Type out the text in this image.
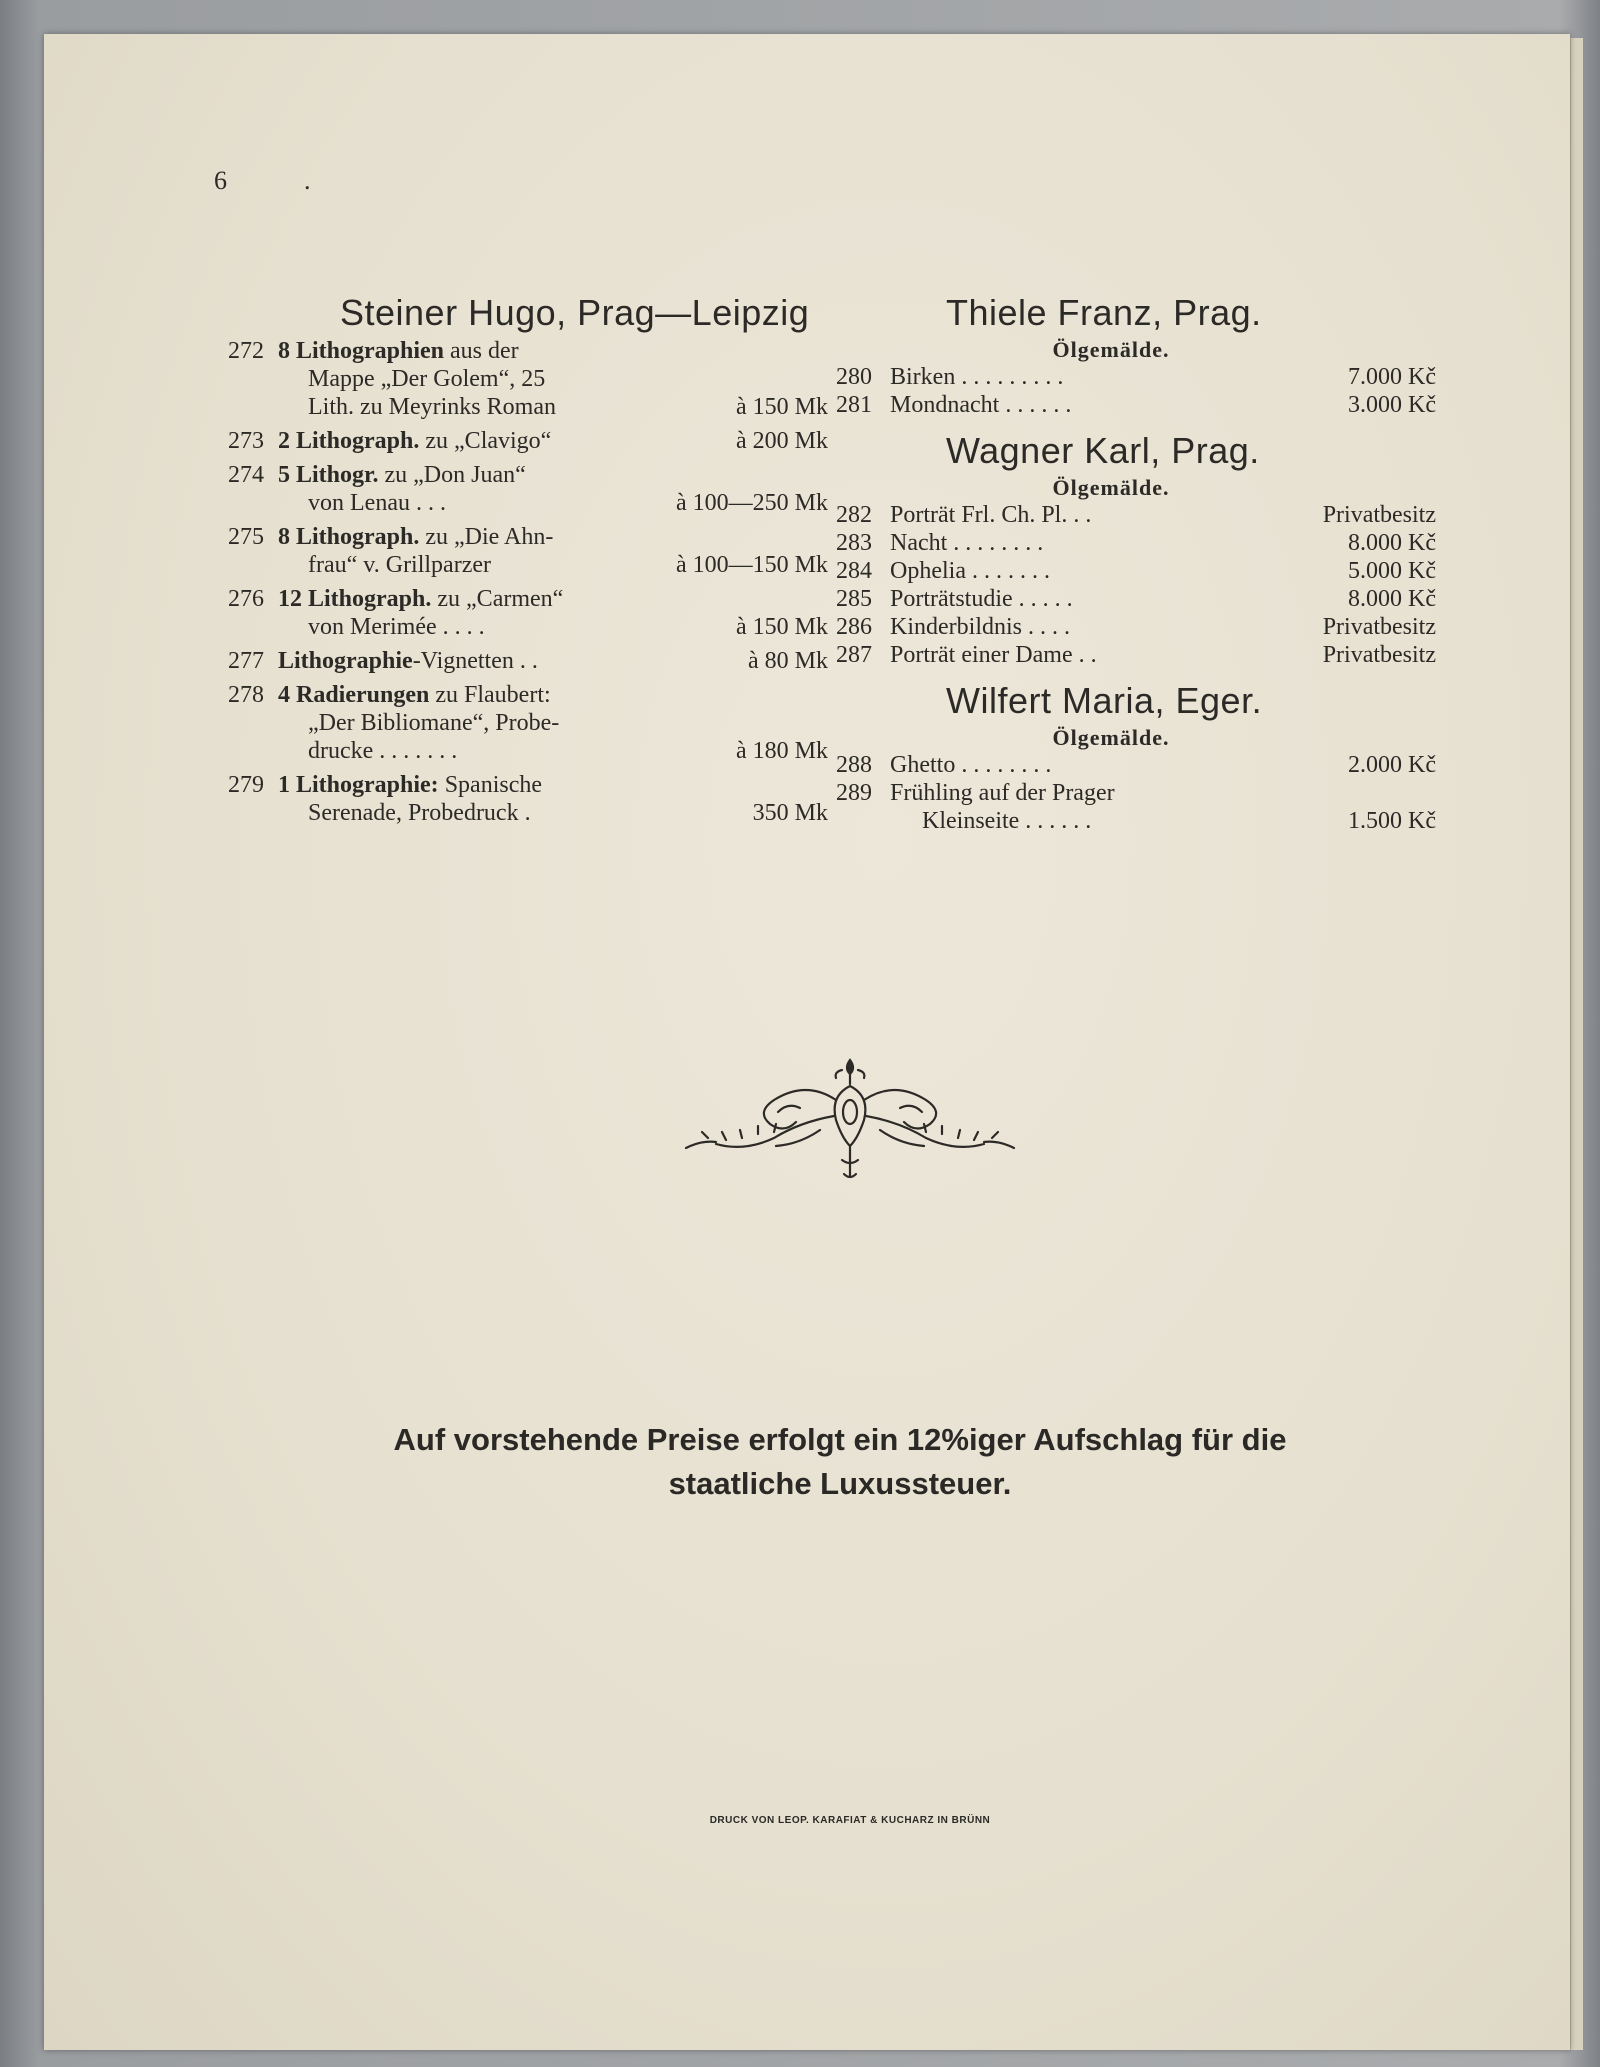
6	.
Steiner Hugo, Prag—Leipzig
272 8 Lithographien aus der
Mappe „Der Golem“, 25
Lith. zu Meyrinks Roman	à 150 Mk
273 2 Lithograph. zu „Clavigo“	à 200 Mk
274 5 Lithogr. zu „Don Juan“
von Lenau . . .	à 100—250 Mk
275 8 Lithograph. zu „Die Ahn-
frau“ v. Grillparzer	à 100—150 Mk
276 12 Lithograph. zu „Carmen“
von Merimée . . . .	à 150 Mk
277 Lithographie-Vignetten . .	à 80 Mk
278 4 Radierungen zu Flaubert:
„Der Bibliomane“, Probe-
drucke . . . . . . .	à 180 Mk
279 1 Lithographie: Spanische
Serenade, Probedruck .	350 Mk
Thiele Franz, Prag.
Ölgemälde.
280 Birken . . . . . . . . .	7.000 Kč
281 Mondnacht . . . . . .	3.000 Kč
Wagner Karl, Prag.
Ölgemälde.
282 Porträt Frl. Ch. Pl. . .	Privatbesitz
283 Nacht . . . . . . . .	8.000 Kč
284 Ophelia . . . . . . .	5.000 Kč
285 Porträtstudie . . . . .	8.000 Kč
286 Kinderbildnis . . . .	Privatbesitz
287 Porträt einer Dame . .	Privatbesitz
Wilfert Maria, Eger.
Ölgemälde.
288 Ghetto . . . . . . . .	2.000 Kč
289 Frühling auf der Prager
Kleinseite . . . . . .	1.500 Kč
Auf vorstehende Preise erfolgt ein 12%iger Aufschlag für die
staatliche Luxussteuer.
DRUCK VON LEOP. KARAFIAT & KUCHARZ IN BRÜNN
